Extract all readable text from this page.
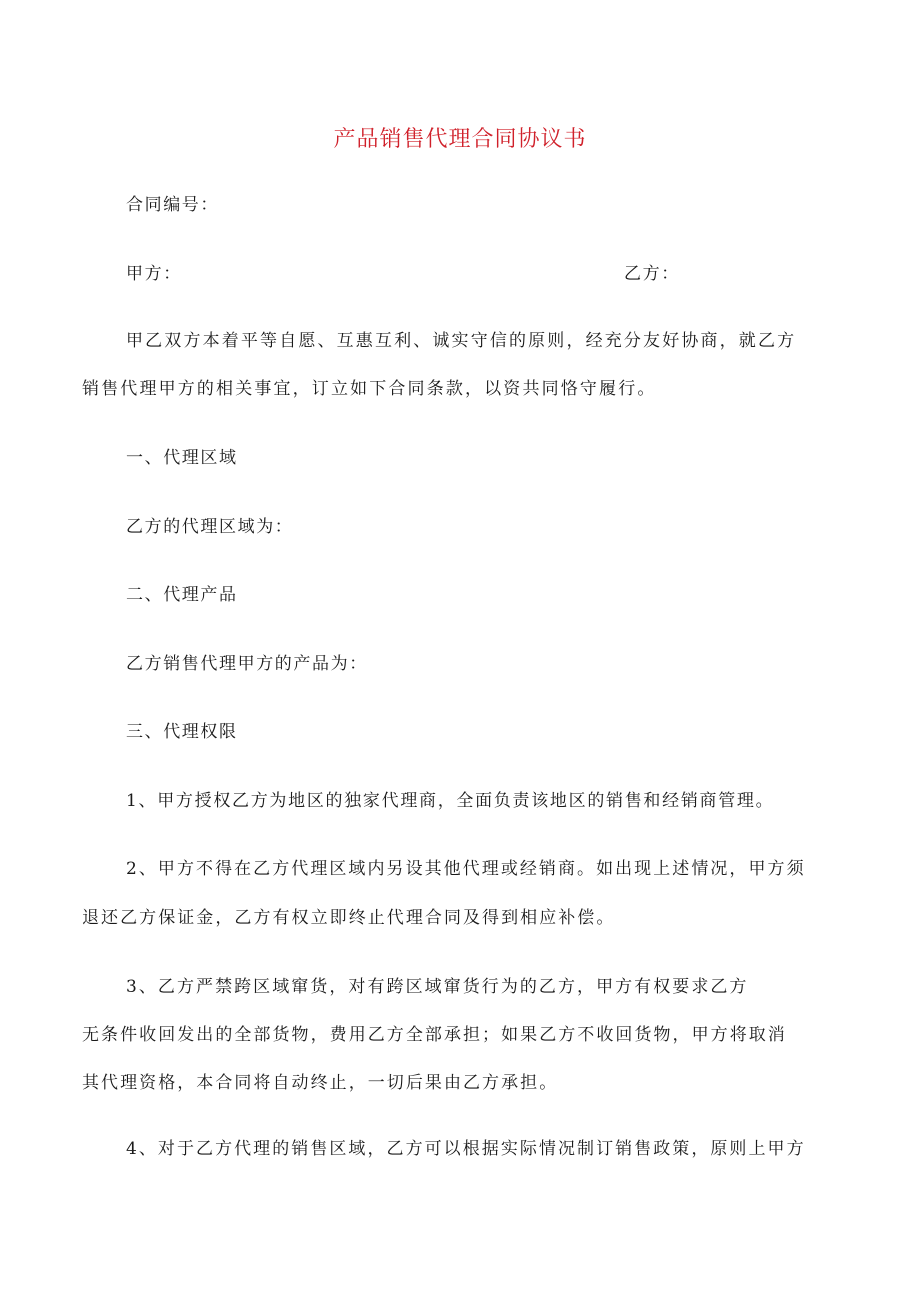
产品销售代理合同协议书

合同编号：

甲方：	乙方：

甲乙双方本着平等自愿、互惠互利、诚实守信的原则，经充分友好协商，就乙方

销售代理甲方的相关事宜，订立如下合同条款，以资共同恪守履行。

一、代理区域

乙方的代理区域为：

二、代理产品

乙方销售代理甲方的产品为：

三、代理权限

1、甲方授权乙方为地区的独家代理商，全面负责该地区的销售和经销商管理。

2、甲方不得在乙方代理区域内另设其他代理或经销商。如出现上述情况，甲方须

退还乙方保证金，乙方有权立即终止代理合同及得到相应补偿。

3、乙方严禁跨区域窜货，对有跨区域窜货行为的乙方，甲方有权要求乙方

无条件收回发出的全部货物，费用乙方全部承担；如果乙方不收回货物，甲方将取消

其代理资格，本合同将自动终止，一切后果由乙方承担。

4、对于乙方代理的销售区域，乙方可以根据实际情况制订销售政策，原则上甲方
